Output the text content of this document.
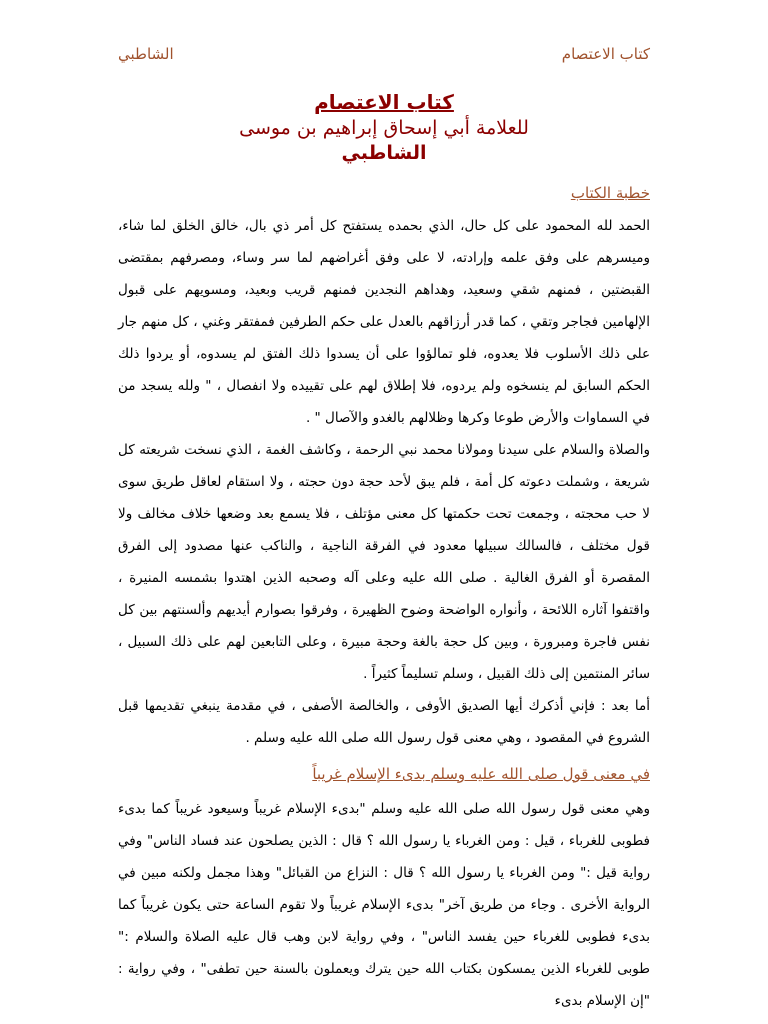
كتاب الاعتصام
الشاطبي
كتاب الاعتصام
للعلامة أبي إسحاق إبراهيم بن موسى
الشاطبي
خطبة الكتاب

الحمد لله المحمود على كل حال، الذي بحمده يستفتح كل أمر ذي بال، خالق الخلق لما شاء، وميسرهم على وفق علمه وإرادته، لا على وفق أغراضهم لما سر وساء، ومصرفهم بمقتضى القبضتين ، فمنهم شقي وسعيد، وهداهم النجدين فمنهم قريب وبعيد، ومسويهم على قبول الإلهامين فجاجر وتقي ، كما قدر أرزاقهم بالعدل على حكم الطرفين فمفتقر وغني ، كل منهم جار على ذلك الأسلوب فلا يعدوه، فلو تمالؤوا على أن يسدوا ذلك الفتق لم يسدوه، أو يردوا ذلك الحكم السابق لم ينسخوه ولم يردوه، فلا إطلاق لهم على تقييده ولا انفصال ، " ولله يسجد من في السماوات والأرض طوعا وكرها وظلالهم بالغدو والآصال " .

والصلاة والسلام على سيدنا ومولانا محمد نبي الرحمة ، وكاشف الغمة ، الذي نسخت شريعته كل شريعة ، وشملت دعوته كل أمة ، فلم يبق لأحد حجة دون حجته ، ولا استقام لعاقل طريق سوى لا حب محجته ، وجمعت تحت حكمتها كل معنى مؤتلف ، فلا يسمع بعد وضعها خلاف مخالف ولا قول مختلف ، فالسالك سبيلها معدود في الفرقة الناجية ، والناكب عنها مصدود إلى الفرق المقصرة أو الفرق الغالية . صلى الله عليه وعلى آله وصحبه الذين اهتدوا بشمسه المنيرة ، واقتفوا آثاره اللائحة ، وأنواره الواضحة وضوح الظهيرة ، وفرقوا بصوارم أيديهم وألسنتهم بين كل نفس فاجرة ومبرورة ، وبين كل حجة بالغة وحجة مبيرة ، وعلى التابعين لهم على ذلك السبيل ، سائر المنتمين إلى ذلك القبيل ، وسلم تسليماً كثيراً .

أما بعد : فإني أذكرك أيها الصديق الأوفى ، والخالصة الأصفى ، في مقدمة ينبغي تقديمها قبل الشروع في المقصود ، وهي معنى قول رسول الله صلى الله عليه وسلم .

في معنى قول صلى الله عليه وسلم بدىء الإسلام غريباً

وهي معنى قول رسول الله صلى الله عليه وسلم "بدىء الإسلام غريباً وسيعود غريباً كما بدىء فطوبى للغرباء ، قيل : ومن الغرباء يا رسول الله ؟ قال : الذين يصلحون عند فساد الناس" وفي رواية قيل :" ومن الغرباء يا رسول الله ؟ قال : النزاع من القبائل" وهذا مجمل ولكنه مبين في الرواية الأخرى . وجاء من طريق آخر" بدىء الإسلام غريباً ولا تقوم الساعة حتى يكون غريباً كما بدىء فطوبى للغرباء حين يفسد الناس" ، وفي رواية لابن وهب قال عليه الصلاة والسلام :" طوبى للغرباء الذين يمسكون بكتاب الله حين يترك ويعملون بالسنة حين تطفى" ، وفي رواية : "إن الإسلام بدىء
